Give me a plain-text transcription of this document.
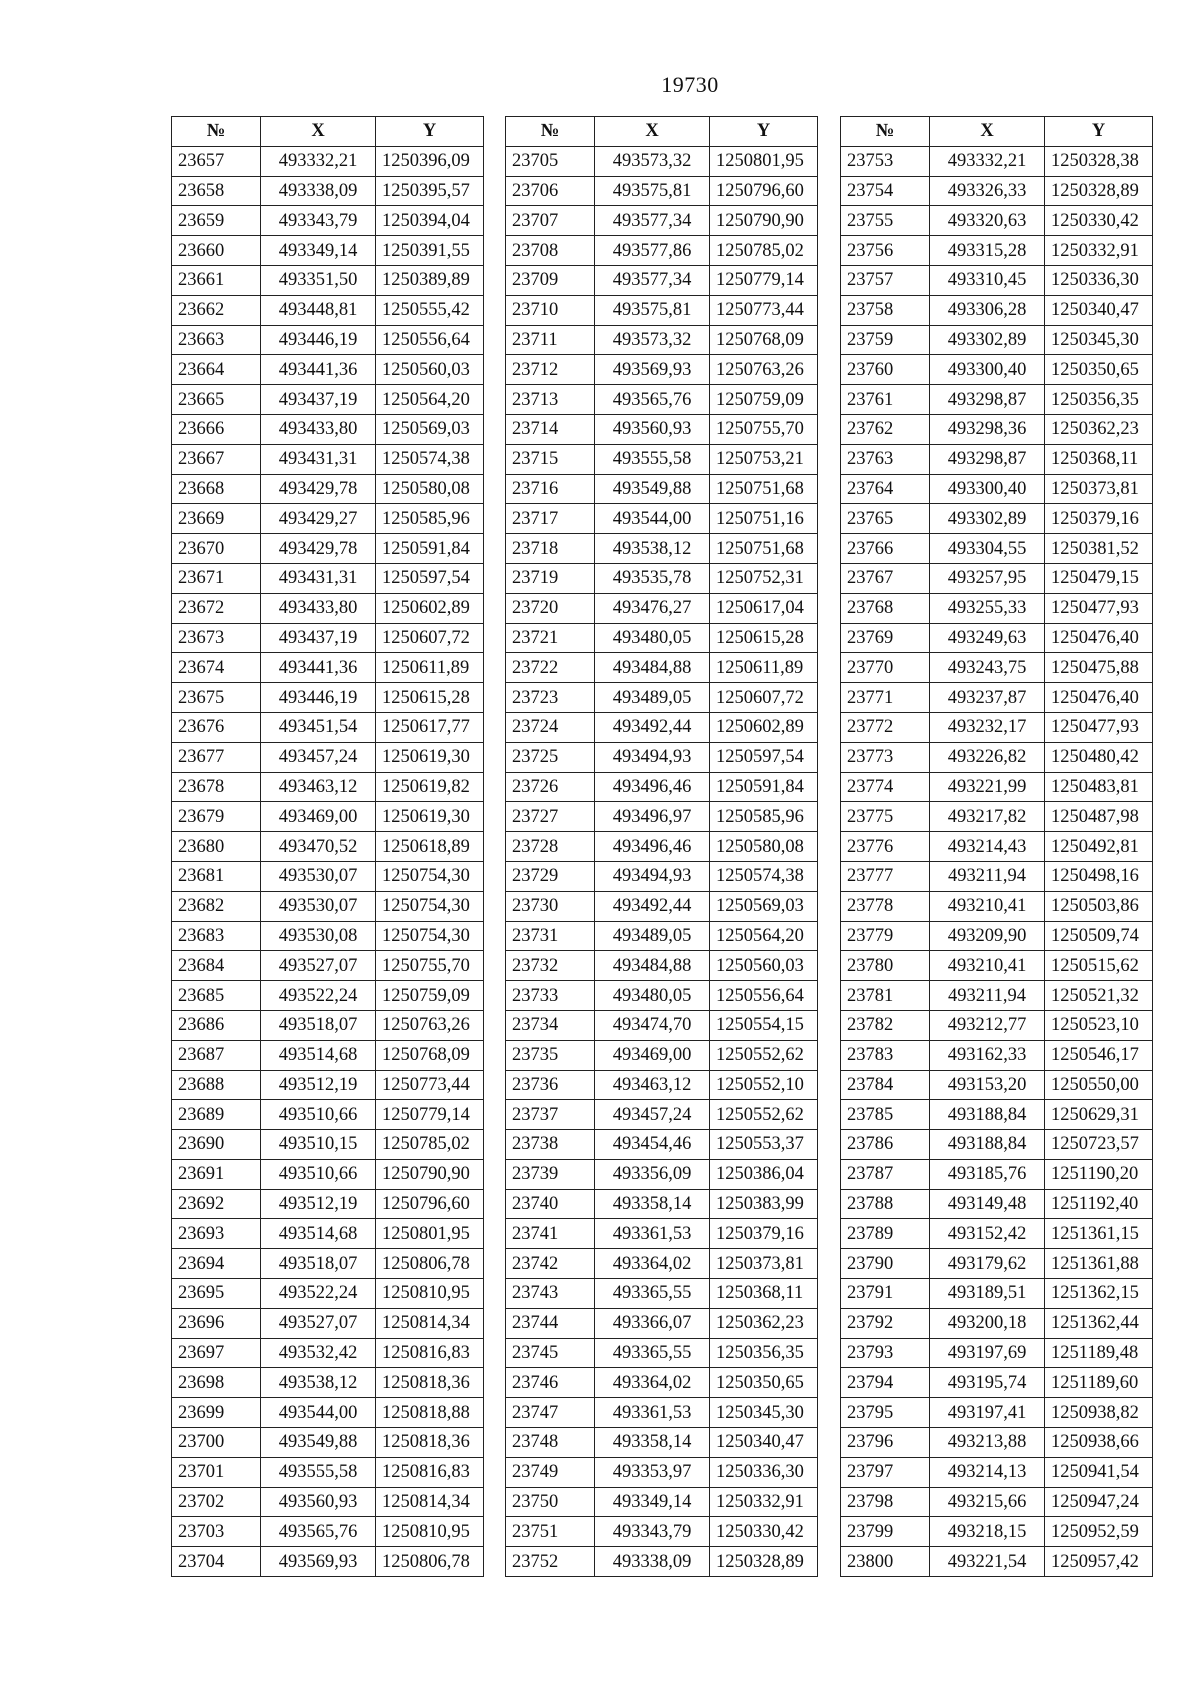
19730
№	X	Y
23657	493332,21	1250396,09
23658	493338,09	1250395,57
23659	493343,79	1250394,04
23660	493349,14	1250391,55
23661	493351,50	1250389,89
23662	493448,81	1250555,42
23663	493446,19	1250556,64
23664	493441,36	1250560,03
23665	493437,19	1250564,20
23666	493433,80	1250569,03
23667	493431,31	1250574,38
23668	493429,78	1250580,08
23669	493429,27	1250585,96
23670	493429,78	1250591,84
23671	493431,31	1250597,54
23672	493433,80	1250602,89
23673	493437,19	1250607,72
23674	493441,36	1250611,89
23675	493446,19	1250615,28
23676	493451,54	1250617,77
23677	493457,24	1250619,30
23678	493463,12	1250619,82
23679	493469,00	1250619,30
23680	493470,52	1250618,89
23681	493530,07	1250754,30
23682	493530,07	1250754,30
23683	493530,08	1250754,30
23684	493527,07	1250755,70
23685	493522,24	1250759,09
23686	493518,07	1250763,26
23687	493514,68	1250768,09
23688	493512,19	1250773,44
23689	493510,66	1250779,14
23690	493510,15	1250785,02
23691	493510,66	1250790,90
23692	493512,19	1250796,60
23693	493514,68	1250801,95
23694	493518,07	1250806,78
23695	493522,24	1250810,95
23696	493527,07	1250814,34
23697	493532,42	1250816,83
23698	493538,12	1250818,36
23699	493544,00	1250818,88
23700	493549,88	1250818,36
23701	493555,58	1250816,83
23702	493560,93	1250814,34
23703	493565,76	1250810,95
23704	493569,93	1250806,78
№	X	Y
23705	493573,32	1250801,95
23706	493575,81	1250796,60
23707	493577,34	1250790,90
23708	493577,86	1250785,02
23709	493577,34	1250779,14
23710	493575,81	1250773,44
23711	493573,32	1250768,09
23712	493569,93	1250763,26
23713	493565,76	1250759,09
23714	493560,93	1250755,70
23715	493555,58	1250753,21
23716	493549,88	1250751,68
23717	493544,00	1250751,16
23718	493538,12	1250751,68
23719	493535,78	1250752,31
23720	493476,27	1250617,04
23721	493480,05	1250615,28
23722	493484,88	1250611,89
23723	493489,05	1250607,72
23724	493492,44	1250602,89
23725	493494,93	1250597,54
23726	493496,46	1250591,84
23727	493496,97	1250585,96
23728	493496,46	1250580,08
23729	493494,93	1250574,38
23730	493492,44	1250569,03
23731	493489,05	1250564,20
23732	493484,88	1250560,03
23733	493480,05	1250556,64
23734	493474,70	1250554,15
23735	493469,00	1250552,62
23736	493463,12	1250552,10
23737	493457,24	1250552,62
23738	493454,46	1250553,37
23739	493356,09	1250386,04
23740	493358,14	1250383,99
23741	493361,53	1250379,16
23742	493364,02	1250373,81
23743	493365,55	1250368,11
23744	493366,07	1250362,23
23745	493365,55	1250356,35
23746	493364,02	1250350,65
23747	493361,53	1250345,30
23748	493358,14	1250340,47
23749	493353,97	1250336,30
23750	493349,14	1250332,91
23751	493343,79	1250330,42
23752	493338,09	1250328,89
№	X	Y
23753	493332,21	1250328,38
23754	493326,33	1250328,89
23755	493320,63	1250330,42
23756	493315,28	1250332,91
23757	493310,45	1250336,30
23758	493306,28	1250340,47
23759	493302,89	1250345,30
23760	493300,40	1250350,65
23761	493298,87	1250356,35
23762	493298,36	1250362,23
23763	493298,87	1250368,11
23764	493300,40	1250373,81
23765	493302,89	1250379,16
23766	493304,55	1250381,52
23767	493257,95	1250479,15
23768	493255,33	1250477,93
23769	493249,63	1250476,40
23770	493243,75	1250475,88
23771	493237,87	1250476,40
23772	493232,17	1250477,93
23773	493226,82	1250480,42
23774	493221,99	1250483,81
23775	493217,82	1250487,98
23776	493214,43	1250492,81
23777	493211,94	1250498,16
23778	493210,41	1250503,86
23779	493209,90	1250509,74
23780	493210,41	1250515,62
23781	493211,94	1250521,32
23782	493212,77	1250523,10
23783	493162,33	1250546,17
23784	493153,20	1250550,00
23785	493188,84	1250629,31
23786	493188,84	1250723,57
23787	493185,76	1251190,20
23788	493149,48	1251192,40
23789	493152,42	1251361,15
23790	493179,62	1251361,88
23791	493189,51	1251362,15
23792	493200,18	1251362,44
23793	493197,69	1251189,48
23794	493195,74	1251189,60
23795	493197,41	1250938,82
23796	493213,88	1250938,66
23797	493214,13	1250941,54
23798	493215,66	1250947,24
23799	493218,15	1250952,59
23800	493221,54	1250957,42
